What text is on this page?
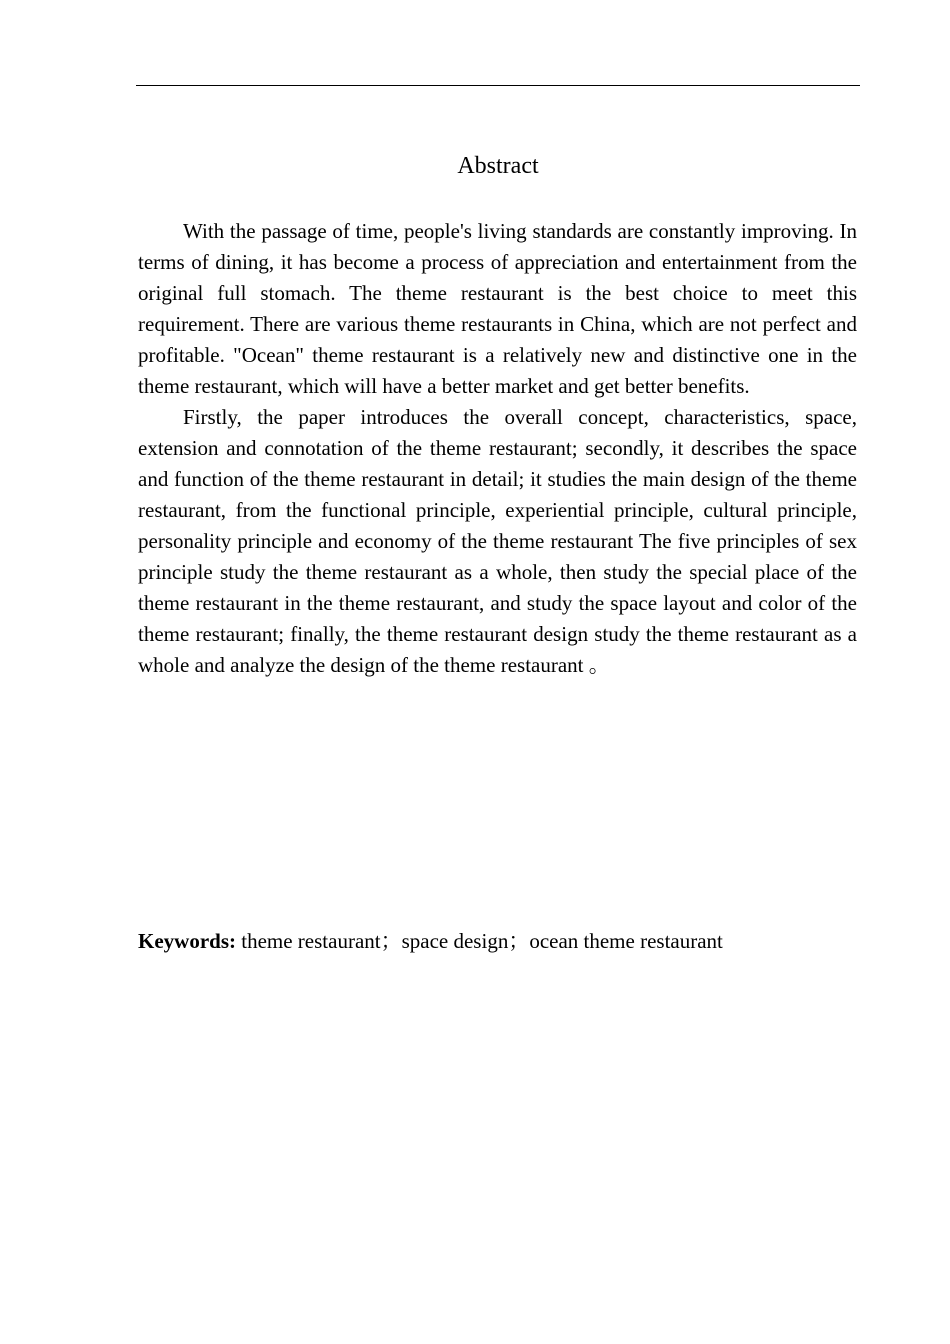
Abstract

With the passage of time, people's living standards are constantly improving. In terms of dining, it has become a process of appreciation and entertainment from the original full stomach. The theme restaurant is the best choice to meet this requirement. There are various theme restaurants in China, which are not perfect and profitable. "Ocean" theme restaurant is a relatively new and distinctive one in the theme restaurant, which will have a better market and get better benefits.

Firstly, the paper introduces the overall concept, characteristics, space, extension and connotation of the theme restaurant; secondly, it describes the space and function of the theme restaurant in detail; it studies the main design of the theme restaurant, from the functional principle, experiential principle, cultural principle, personality principle and economy of the theme restaurant The five principles of sex principle study the theme restaurant as a whole, then study the special place of the theme restaurant in the theme restaurant, and study the space layout and color of the theme restaurant; finally, the theme restaurant design study the theme restaurant as a whole and analyze the design of the theme restaurant 。

Keywords: theme restaurant；space design；ocean theme restaurant
